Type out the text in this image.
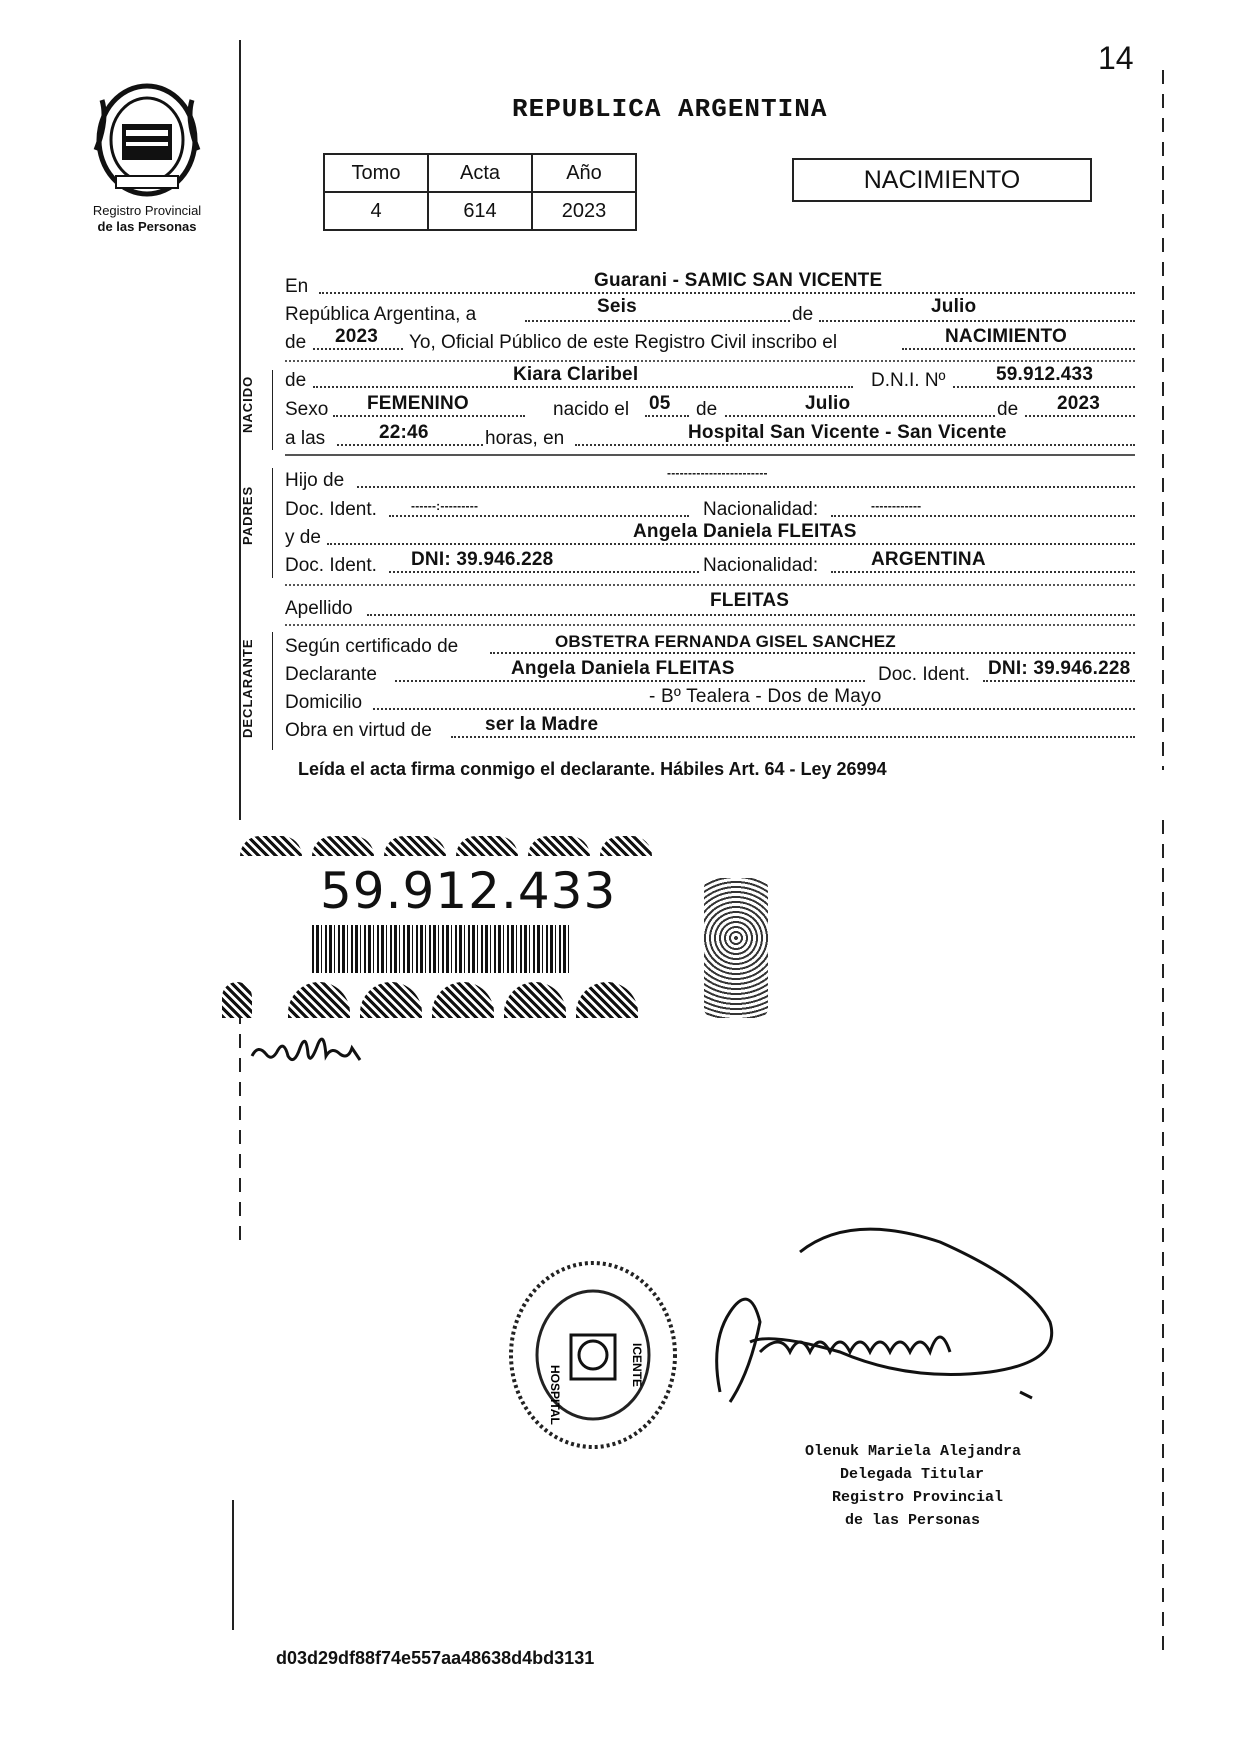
14
Registro Provincial
de las Personas
REPUBLICA ARGENTINA
Tomo	Acta	Año
4	614	2023
NACIMIENTO
NACIDO
PADRES
DECLARANTE
En	Guarani - SAMIC SAN VICENTE
República Argentina, a	Seis	de	Julio
de 2023 Yo, Oficial Público de este Registro Civil inscribo el	NACIMIENTO
de	Kiara Claribel	D.N.I. Nº	59.912.433
Sexo FEMENINO	nacido el 05 de	Julio	de 2023
a las	22:46	horas, en	Hospital San Vicente - San Vicente
Hijo de	------------------------
Doc. Ident.	------:---------	Nacionalidad:	------------
y de	Angela Daniela FLEITAS
Doc. Ident. DNI: 39.946.228	Nacionalidad:	ARGENTINA
Apellido	FLEITAS
Según certificado de	OBSTETRA FERNANDA GISEL SANCHEZ
Declarante	Angela Daniela FLEITAS	Doc. Ident. DNI: 39.946.228
Domicilio	- Bº Tealera - Dos de Mayo
Obra en virtud de	ser la Madre
Leída el acta firma conmigo el declarante. Hábiles Art. 64 - Ley 26994
59.912.433
HOSPITAL	ICENTE
Olenuk Mariela Alejandra
Delegada Titular
Registro Provincial
de las Personas
d03d29df88f74e557aa48638d4bd3131
